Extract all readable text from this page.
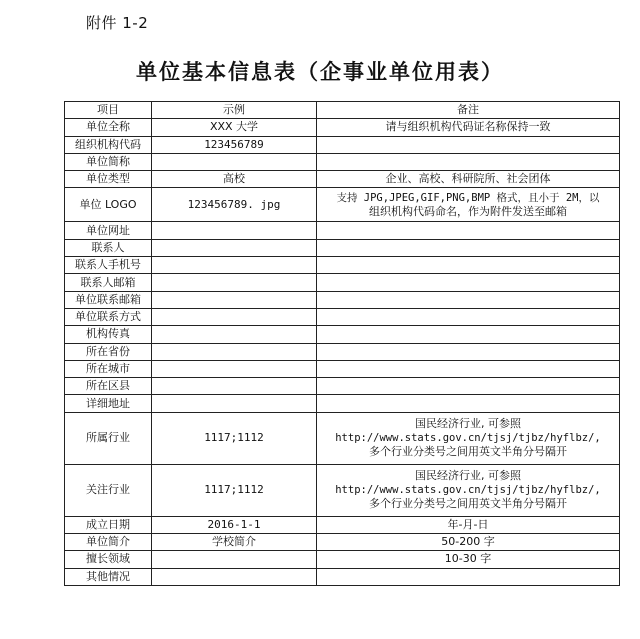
附件 1-2
单位基本信息表（企事业单位用表）
项目	示例	备注
单位全称	XXX 大学	请与组织机构代码证名称保持一致

组织机构代码	123456789	
单位简称		
单位类型	高校	企业、高校、科研院所、社会团体

单位 LOGO	123456789. jpg	支持 JPG,JPEG,GIF,PNG,BMP 格式，且小于 2M，以
组织机构代码命名，作为附件发送至邮箱

单位网址		
联系人		
联系人手机号		
联系人邮箱		
单位联系邮箱		
单位联系方式		
机构传真		
所在省份		
所在城市		
所在区县		
详细地址		
所属行业	1117;1112	国民经济行业, 可参照
http://www.stats.gov.cn/tjsj/tjbz/hyflbz/,
多个行业分类号之间用英文半角分号隔开

关注行业	1117;1112	国民经济行业, 可参照
http://www.stats.gov.cn/tjsj/tjbz/hyflbz/,
多个行业分类号之间用英文半角分号隔开

成立日期	2016-1-1	年-月-日

单位简介	学校简介	50-200 字

擅长领域		10-30 字

其他情况		
